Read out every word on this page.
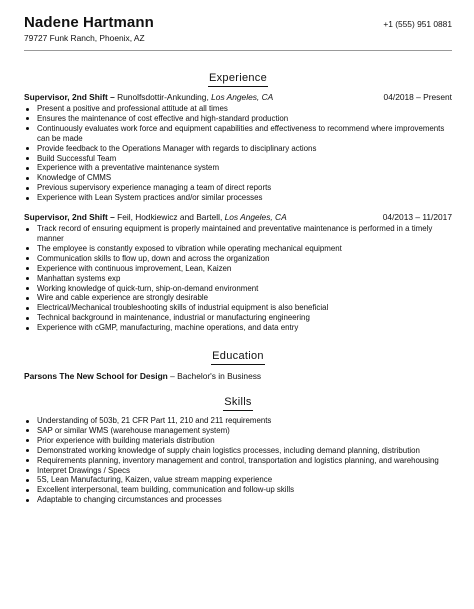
Nadene Hartmann	+1 (555) 951 0881
79727 Funk Ranch, Phoenix, AZ
Experience
Supervisor, 2nd Shift – Runolfsdottir-Ankunding, Los Angeles, CA	04/2018 – Present
Present a positive and professional attitude at all times
Ensures the maintenance of cost effective and high-standard production
Continuously evaluates work force and equipment capabilities and effectiveness to recommend where improvements can be made
Provide feedback to the Operations Manager with regards to disciplinary actions
Build Successful Team
Experience with a preventative maintenance system
Knowledge of CMMS
Previous supervisory experience managing a team of direct reports
Experience with Lean System practices and/or similar processes
Supervisor, 2nd Shift – Feil, Hodkiewicz and Bartell, Los Angeles, CA	04/2013 – 11/2017
Track record of ensuring equipment is properly maintained and preventative maintenance is performed in a timely manner
The employee is constantly exposed to vibration while operating mechanical equipment
Communication skills to flow up, down and across the organization
Experience with continuous improvement, Lean, Kaizen
Manhattan systems exp
Working knowledge of quick-turn, ship-on-demand environment
Wire and cable experience are strongly desirable
Electrical/Mechanical troubleshooting skills of industrial equipment is also beneficial
Technical background in maintenance, industrial or manufacturing engineering
Experience with cGMP, manufacturing, machine operations, and data entry
Education
Parsons The New School for Design – Bachelor's in Business
Skills
Understanding of 503b, 21 CFR Part 11, 210 and 211 requirements
SAP or similar WMS (warehouse management system)
Prior experience with building materials distribution
Demonstrated working knowledge of supply chain logistics processes, including demand planning, distribution
Requirements planning, inventory management and control, transportation and logistics planning, and warehousing
Interpret Drawings / Specs
5S, Lean Manufacturing, Kaizen, value stream mapping experience
Excellent interpersonal, team building, communication and follow-up skills
Adaptable to changing circumstances and processes
